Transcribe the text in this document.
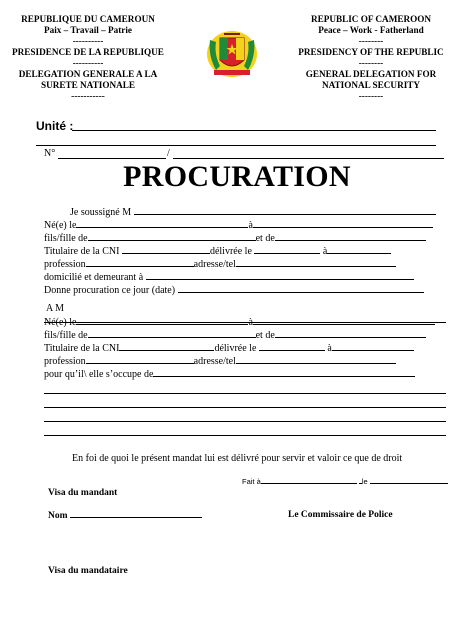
REPUBLIQUE DU CAMEROUN
Paix – Travail – Patrie
----------
PRESIDENCE DE LA REPUBLIQUE
----------
DELEGATION GENERALE A LA
SURETE NATIONALE
-----------
REPUBLIC OF CAMEROON
Peace – Work - Fatherland
--------
PRESIDENCY OF THE REPUBLIC
--------
GENERAL DELEGATION FOR
NATIONAL SECURITY
--------
Unité :
N°	/
PROCURATION
Je soussigné M
Né(e) le	à
fils/fille de	et de
Titulaire de la CNI	délivrée le	à
profession	adresse/tel
domicilié et demeurant à
Donne procuration ce jour (date)
A M
Né(e) le	à
fils/fille de	et de
Titulaire de la CNI	délivrée le	à
profession	adresse/tel
pour qu’il\ elle s’occupe de
En foi de quoi le présent mandat lui est délivré pour servir et valoir ce que de droit
Fait à	le
Visa du mandant
Nom	Le Commissaire de Police
Visa du mandataire
